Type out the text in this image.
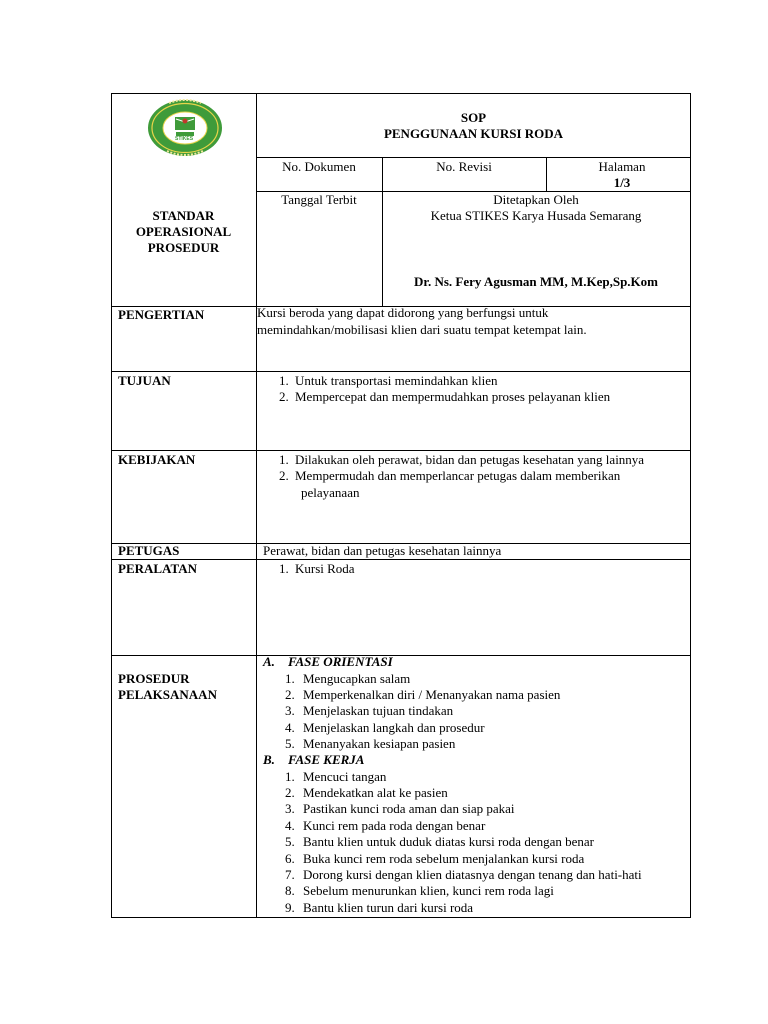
STIKES
SOP
PENGGUNAAN KURSI RODA
No. Dokumen	No. Revisi	Halaman
1/3
STANDAR
OPERASIONAL
PROSEDUR
Tanggal Terbit	Ditetapkan Oleh
Ketua STIKES Karya Husada Semarang
Dr. Ns. Fery Agusman MM, M.Kep,Sp.Kom
PENGERTIAN	Kursi beroda yang dapat didorong yang berfungsi untuk
memindahkan/mobilisasi klien dari suatu tempat ketempat lain.
TUJUAN	1. Untuk transportasi memindahkan klien
2. Mempercepat dan mempermudahkan proses pelayanan klien
KEBIJAKAN	1. Dilakukan oleh perawat, bidan dan petugas kesehatan yang lainnya
2. Mempermudah dan memperlancar petugas dalam memberikan
pelayanaan
PETUGAS	Perawat, bidan dan petugas kesehatan lainnya
PERALATAN	1. Kursi Roda
PROSEDUR
PELAKSANAAN
A. FASE ORIENTASI
1. Mengucapkan salam
2. Memperkenalkan diri / Menanyakan nama pasien
3. Menjelaskan tujuan tindakan
4. Menjelaskan langkah dan prosedur
5. Menanyakan kesiapan pasien
B. FASE KERJA
1. Mencuci tangan
2. Mendekatkan alat ke pasien
3. Pastikan kunci roda aman dan siap pakai
4. Kunci rem pada roda dengan benar
5. Bantu klien untuk duduk diatas kursi roda dengan benar
6. Buka kunci rem roda sebelum menjalankan kursi roda
7. Dorong kursi dengan klien diatasnya dengan tenang dan hati-hati
8. Sebelum menurunkan klien, kunci rem roda lagi
9. Bantu klien turun dari kursi roda
